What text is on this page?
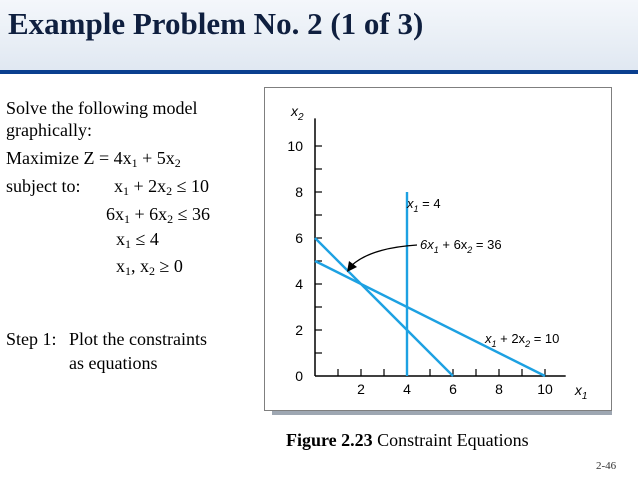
Example Problem No. 2 (1 of 3)
Solve the following model
graphically:
Maximize $Z = 4x_1 + 5x_2$
subject to: $x_1 + 2x_2 \le 10$
$6x_1 + 6x_2 \le 36$
$x_1 \le 4$
$x_1$, $x_2 \ge 0$
Step 1: Plot the constraints
as equations
2	4	6	8 10
0
2
4
6
8
10
$x_2$
$x_1$
$x_1 = 4$
$6x_1 + 6x_2 = 36$
$x_1 + 2x_2 = 10$
Figure 2.23 Constraint Equations
2-46
